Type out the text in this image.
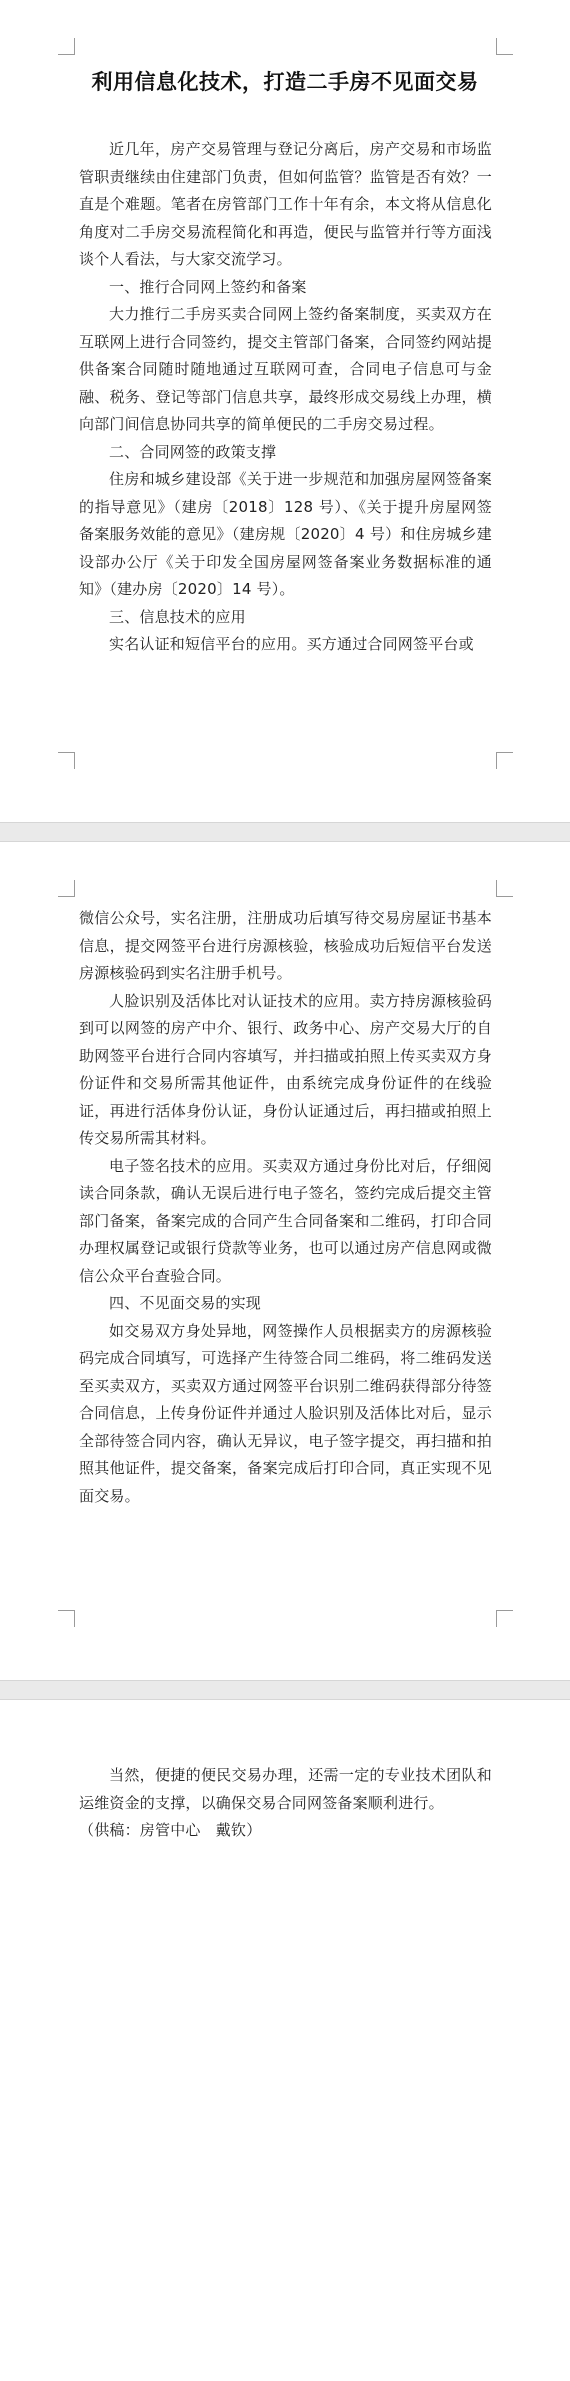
利用信息化技术，打造二手房不见面交易

近几年，房产交易管理与登记分离后，房产交易和市场监管职责继续由住建部门负责，但如何监管？监管是否有效？一直是个难题。笔者在房管部门工作十年有余，本文将从信息化角度对二手房交易流程简化和再造，便民与监管并行等方面浅谈个人看法，与大家交流学习。

一、推行合同网上签约和备案

大力推行二手房买卖合同网上签约备案制度，买卖双方在互联网上进行合同签约，提交主管部门备案，合同签约网站提供备案合同随时随地通过互联网可查，合同电子信息可与金融、税务、登记等部门信息共享，最终形成交易线上办理，横向部门间信息协同共享的简单便民的二手房交易过程。

二、合同网签的政策支撑

住房和城乡建设部《关于进一步规范和加强房屋网签备案的指导意见》（建房〔2018〕128 号）、《关于提升房屋网签备案服务效能的意见》（建房规〔2020〕4 号）和住房城乡建设部办公厅《关于印发全国房屋网签备案业务数据标准的通知》（建办房〔2020〕14 号）。

三、信息技术的应用

实名认证和短信平台的应用。买方通过合同网签平台或

微信公众号，实名注册，注册成功后填写待交易房屋证书基本信息，提交网签平台进行房源核验，核验成功后短信平台发送房源核验码到实名注册手机号。

人脸识别及活体比对认证技术的应用。卖方持房源核验码到可以网签的房产中介、银行、政务中心、房产交易大厅的自助网签平台进行合同内容填写，并扫描或拍照上传买卖双方身份证件和交易所需其他证件，由系统完成身份证件的在线验证，再进行活体身份认证，身份认证通过后，再扫描或拍照上传交易所需其材料。

电子签名技术的应用。买卖双方通过身份比对后，仔细阅读合同条款，确认无误后进行电子签名，签约完成后提交主管部门备案，备案完成的合同产生合同备案和二维码，打印合同办理权属登记或银行贷款等业务，也可以通过房产信息网或微信公众平台查验合同。

四、不见面交易的实现

如交易双方身处异地，网签操作人员根据卖方的房源核验码完成合同填写，可选择产生待签合同二维码，将二维码发送至买卖双方，买卖双方通过网签平台识别二维码获得部分待签合同信息，上传身份证件并通过人脸识别及活体比对后，显示全部待签合同内容，确认无异议，电子签字提交，再扫描和拍照其他证件，提交备案，备案完成后打印合同，真正实现不见面交易。

当然，便捷的便民交易办理，还需一定的专业技术团队和运维资金的支撑，以确保交易合同网签备案顺利进行。

（供稿：房管中心　戴钦）
